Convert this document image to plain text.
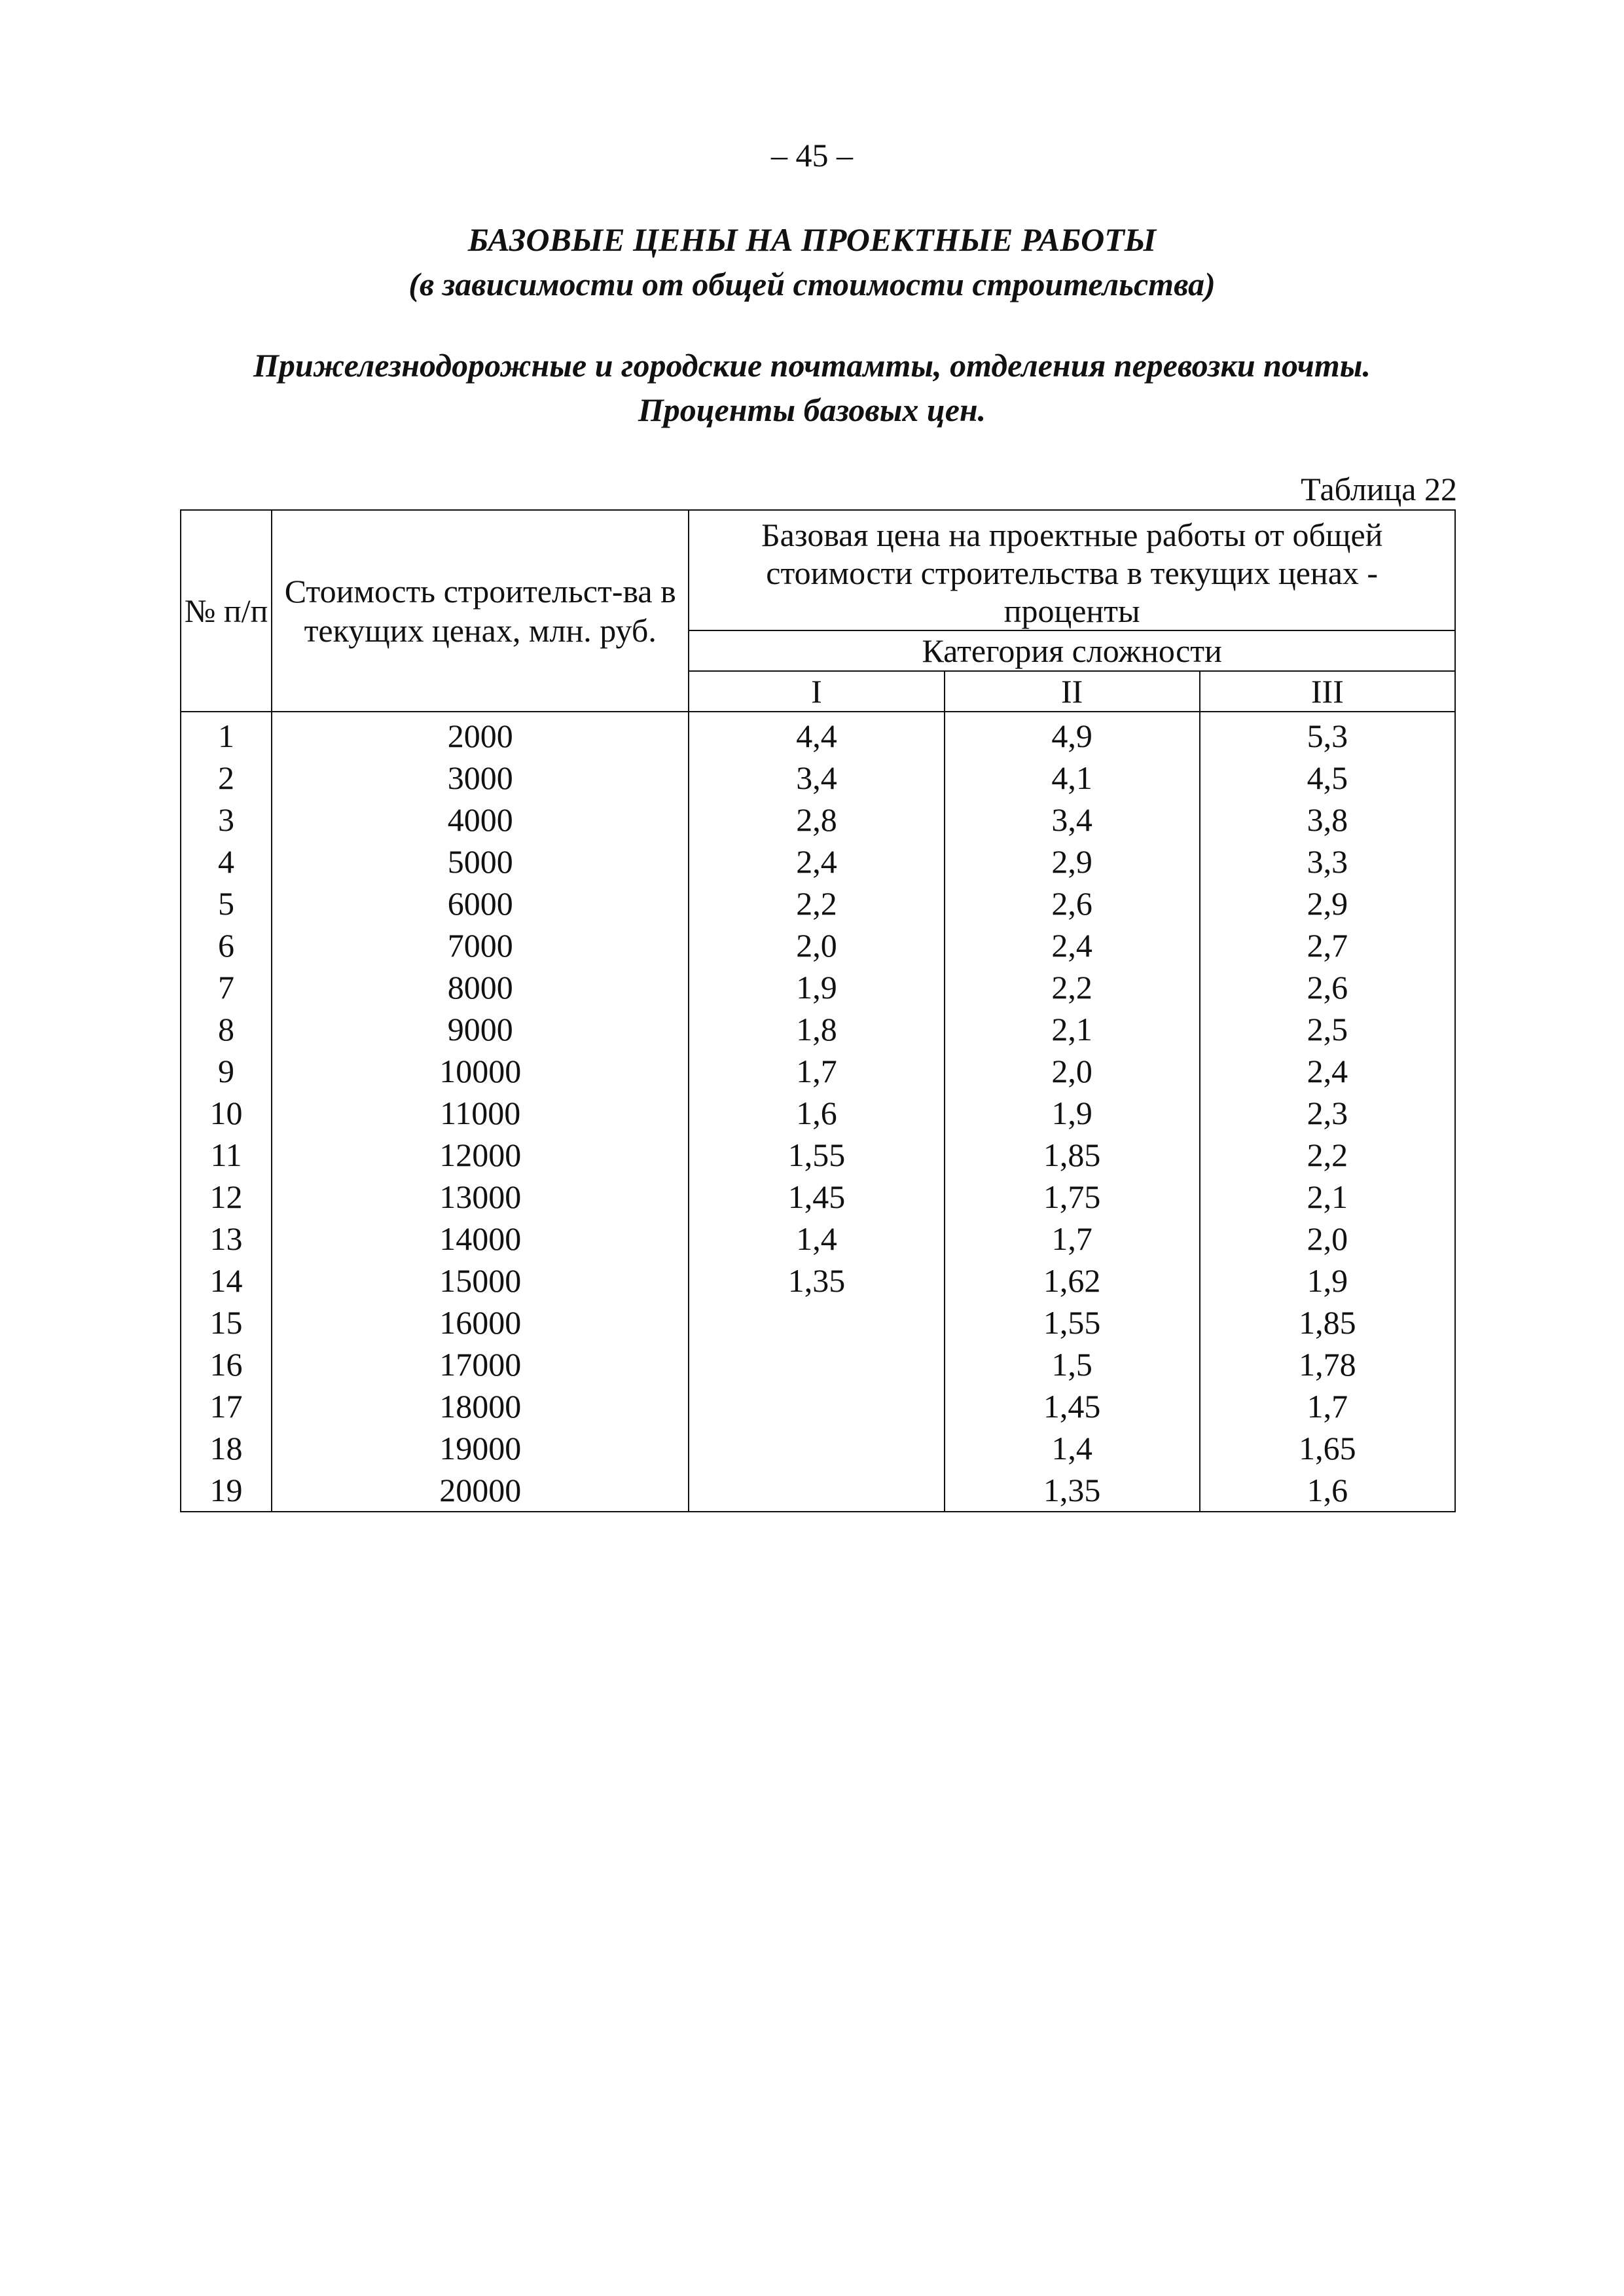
– 45 –
БАЗОВЫЕ ЦЕНЫ НА ПРОЕКТНЫЕ РАБОТЫ
(в зависимости от общей стоимости строительства)
Прижелезнодорожные и городские почтамты, отделения перевозки почты.
Проценты базовых цен.
Таблица 22
№ п/п	Стоимость строительст-ва в текущих ценах, млн. руб.	Базовая цена на проектные работы от общей стоимости строительства в текущих ценах - проценты		
		Категория сложности		
		I	II	III
1	2000	4,4	4,9	5,3
2	3000	3,4	4,1	4,5
3	4000	2,8	3,4	3,8
4	5000	2,4	2,9	3,3
5	6000	2,2	2,6	2,9
6	7000	2,0	2,4	2,7
7	8000	1,9	2,2	2,6
8	9000	1,8	2,1	2,5
9	10000	1,7	2,0	2,4
10	11000	1,6	1,9	2,3
11	12000	1,55	1,85	2,2
12	13000	1,45	1,75	2,1
13	14000	1,4	1,7	2,0
14	15000	1,35	1,62	1,9
15	16000		1,55	1,85
16	17000		1,5	1,78
17	18000		1,45	1,7
18	19000		1,4	1,65
19	20000		1,35	1,6
